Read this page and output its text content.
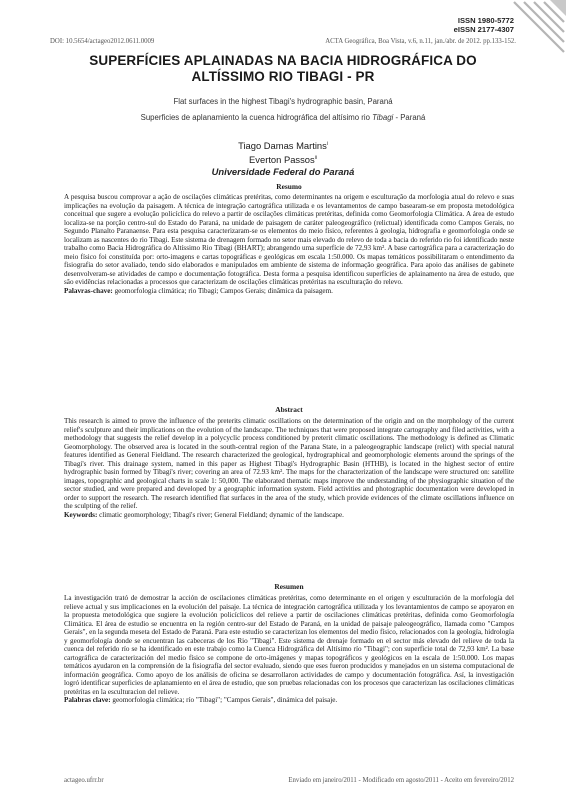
ISSN 1980-5772
eISSN 2177-4307
DOI: 10.5654/actageo2012.0611.0009	ACTA Geográfica, Boa Vista, v.6, n.11, jan./abr. de 2012. pp.133-152.
SUPERFÍCIES APLAINADAS NA BACIA HIDROGRÁFICA DO
ALTÍSSIMO RIO TIBAGI - PR
Flat surfaces in the highest Tibagi's hydrographic basin, Paraná
Superficies de aplanamiento la cuenca hidrográfica del altísimo rio Tibagi - Paraná
Tiago Damas Martins$^i$
Everton Passos$^{ii}$
Universidade Federal do Paraná
Resumo

A pesquisa buscou comprovar a ação de oscilações climáticas pretéritas, como determinantes na origem e esculturação da morfologia atual do relevo e suas implicações na evolução da paisagem. A técnica de integração cartográfica utilizada e os levantamentos de campo basearam-se em proposta metodológica conceitual que sugere a evolução policíclica do relevo a partir de oscilações climáticas pretéritas, definida como Geomorfologia Climática. A área de estudo localiza-se na porção centro-sul do Estado do Paraná, na unidade de paisagem de caráter paleogeográfico (relictual) identificada como Campos Gerais, no Segundo Planalto Paranaense. Para esta pesquisa caracterizaram-se os elementos do meio físico, referentes à geologia, hidrografia e geomorfologia onde se localizam as nascentes do rio Tibagi. Este sistema de drenagem formado no setor mais elevado do relevo de toda a bacia do referido rio foi identificado neste trabalho como Bacia Hidrográfica do Altíssimo Rio Tibagi (BHART); abrangendo uma superfície de 72,93 km². A base cartográfica para a caracterização do meio físico foi constituída por: orto-imagens e cartas topográficas e geológicas em escala 1:50.000. Os mapas temáticos possibilitaram o entendimento da fisiografia do setor avaliado, tendo sido elaborados e manipulados em ambiente de sistema de informação geográfica. Para apoio das análises de gabinete desenvolveram-se atividades de campo e documentação fotográfica. Desta forma a pesquisa identificou superfícies de aplainamento na área de estudo, que são evidências relacionadas a processos que caracterizam de oscilações climáticas pretéritas na esculturação do relevo.

Palavras-chave: geomorfologia climática; rio Tibagi; Campos Gerais; dinâmica da paisagem.

Abstract

This research is aimed to prove the influence of the preterits climatic oscillations on the determination of the origin and on the morphology of the current relief's sculpture and their implications on the evolution of the landscape. The techniques that were proposed integrate cartography and filed activities, with a methodology that suggests the relief develop in a polycyclic process conditioned by preterit climatic oscillations. The methodology is defined as Climatic Geomorphology. The observed area is located in the south-central region of the Parana State, in a paleogeographic landscape (relict) with special natural features identified as General Fieldland. The research characterized the geological, hydrographical and geomorphologic elements around the springs of the Tibagi's river. This drainage system, named in this paper as Highest Tibagi's Hydrographic Basin (HTHB), is located in the highest sector of entire hydrographic basin formed by Tibagi's river; covering an area of 72.93 km². The maps for the characterization of the landscape were structured on: satellite images, topographic and geological charts in scale 1: 50,000. The elaborated thematic maps improve the understanding of the physiographic situation of the sector studied, and were prepared and developed by a geographic information system. Field activities and photographic documentation were developed in order to support the research. The research identified flat surfaces in the area of the study, which provide evidences of the climate oscillations influence on the sculpting of the relief.

Keywords: climatic geomorphology; Tibagi's river; General Fieldland; dynamic of the landscape.

Resumen

La investigación trató de demostrar la acción de oscilaciones climáticas pretéritas, como determinante en el origen y esculturación de la morfología del relieve actual y sus implicaciones en la evolución del paisaje. La técnica de integración cartográfica utilizada y los levantamientos de campo se apoyaron en la propuesta metodológica que sugiere la evolución policíclicos del relieve a partir de oscilaciones climáticas pretéritas, definida como Geomorfología Climática. El área de estudio se encuentra en la región centro-sur del Estado de Paraná, en la unidad de paisaje paleogeográfico, llamada como "Campos Gerais", en la segunda meseta del Estado de Paraná. Para este estudio se caracterizan los elementos del medio físico, relacionados con la geología, hidrología y geomorfología donde se encuentran las cabeceras de los Rio "Tibagi". Este sistema de drenaje formado en el sector más elevado del relieve de toda la cuenca del referido río se ha identificado en este trabajo como la Cuenca Hidrográfica del Altísimo río "Tibagi"; con superficie total de 72,93 km². La base cartográfica de caracterización del medio físico se compone de orto-imágenes y mapas topográficos y geológicos en la escala de 1:50.000. Los mapas temáticos ayudaron en la comprensión de la fisiografía del sector evaluado, siendo que eses fueron producidos y manejados en un sistema computacional de información geográfica. Como apoyo de los análisis de oficina se desarrollaron actividades de campo y documentación fotográfica. Así, la investigación logró identificar superficies de aplanamiento en el área de estudio, que son pruebas relacionadas con los procesos que caracterizan las oscilaciones climáticas pretéritas en la esculturacion del relieve.

Palabras clave: geomorfología climática; río "Tibagi"; "Campos Gerais", dinámica del paisaje.

actageo.ufrr.br	Enviado em janeiro/2011 - Modificado em agosto/2011 - Aceito em fevereiro/2012
